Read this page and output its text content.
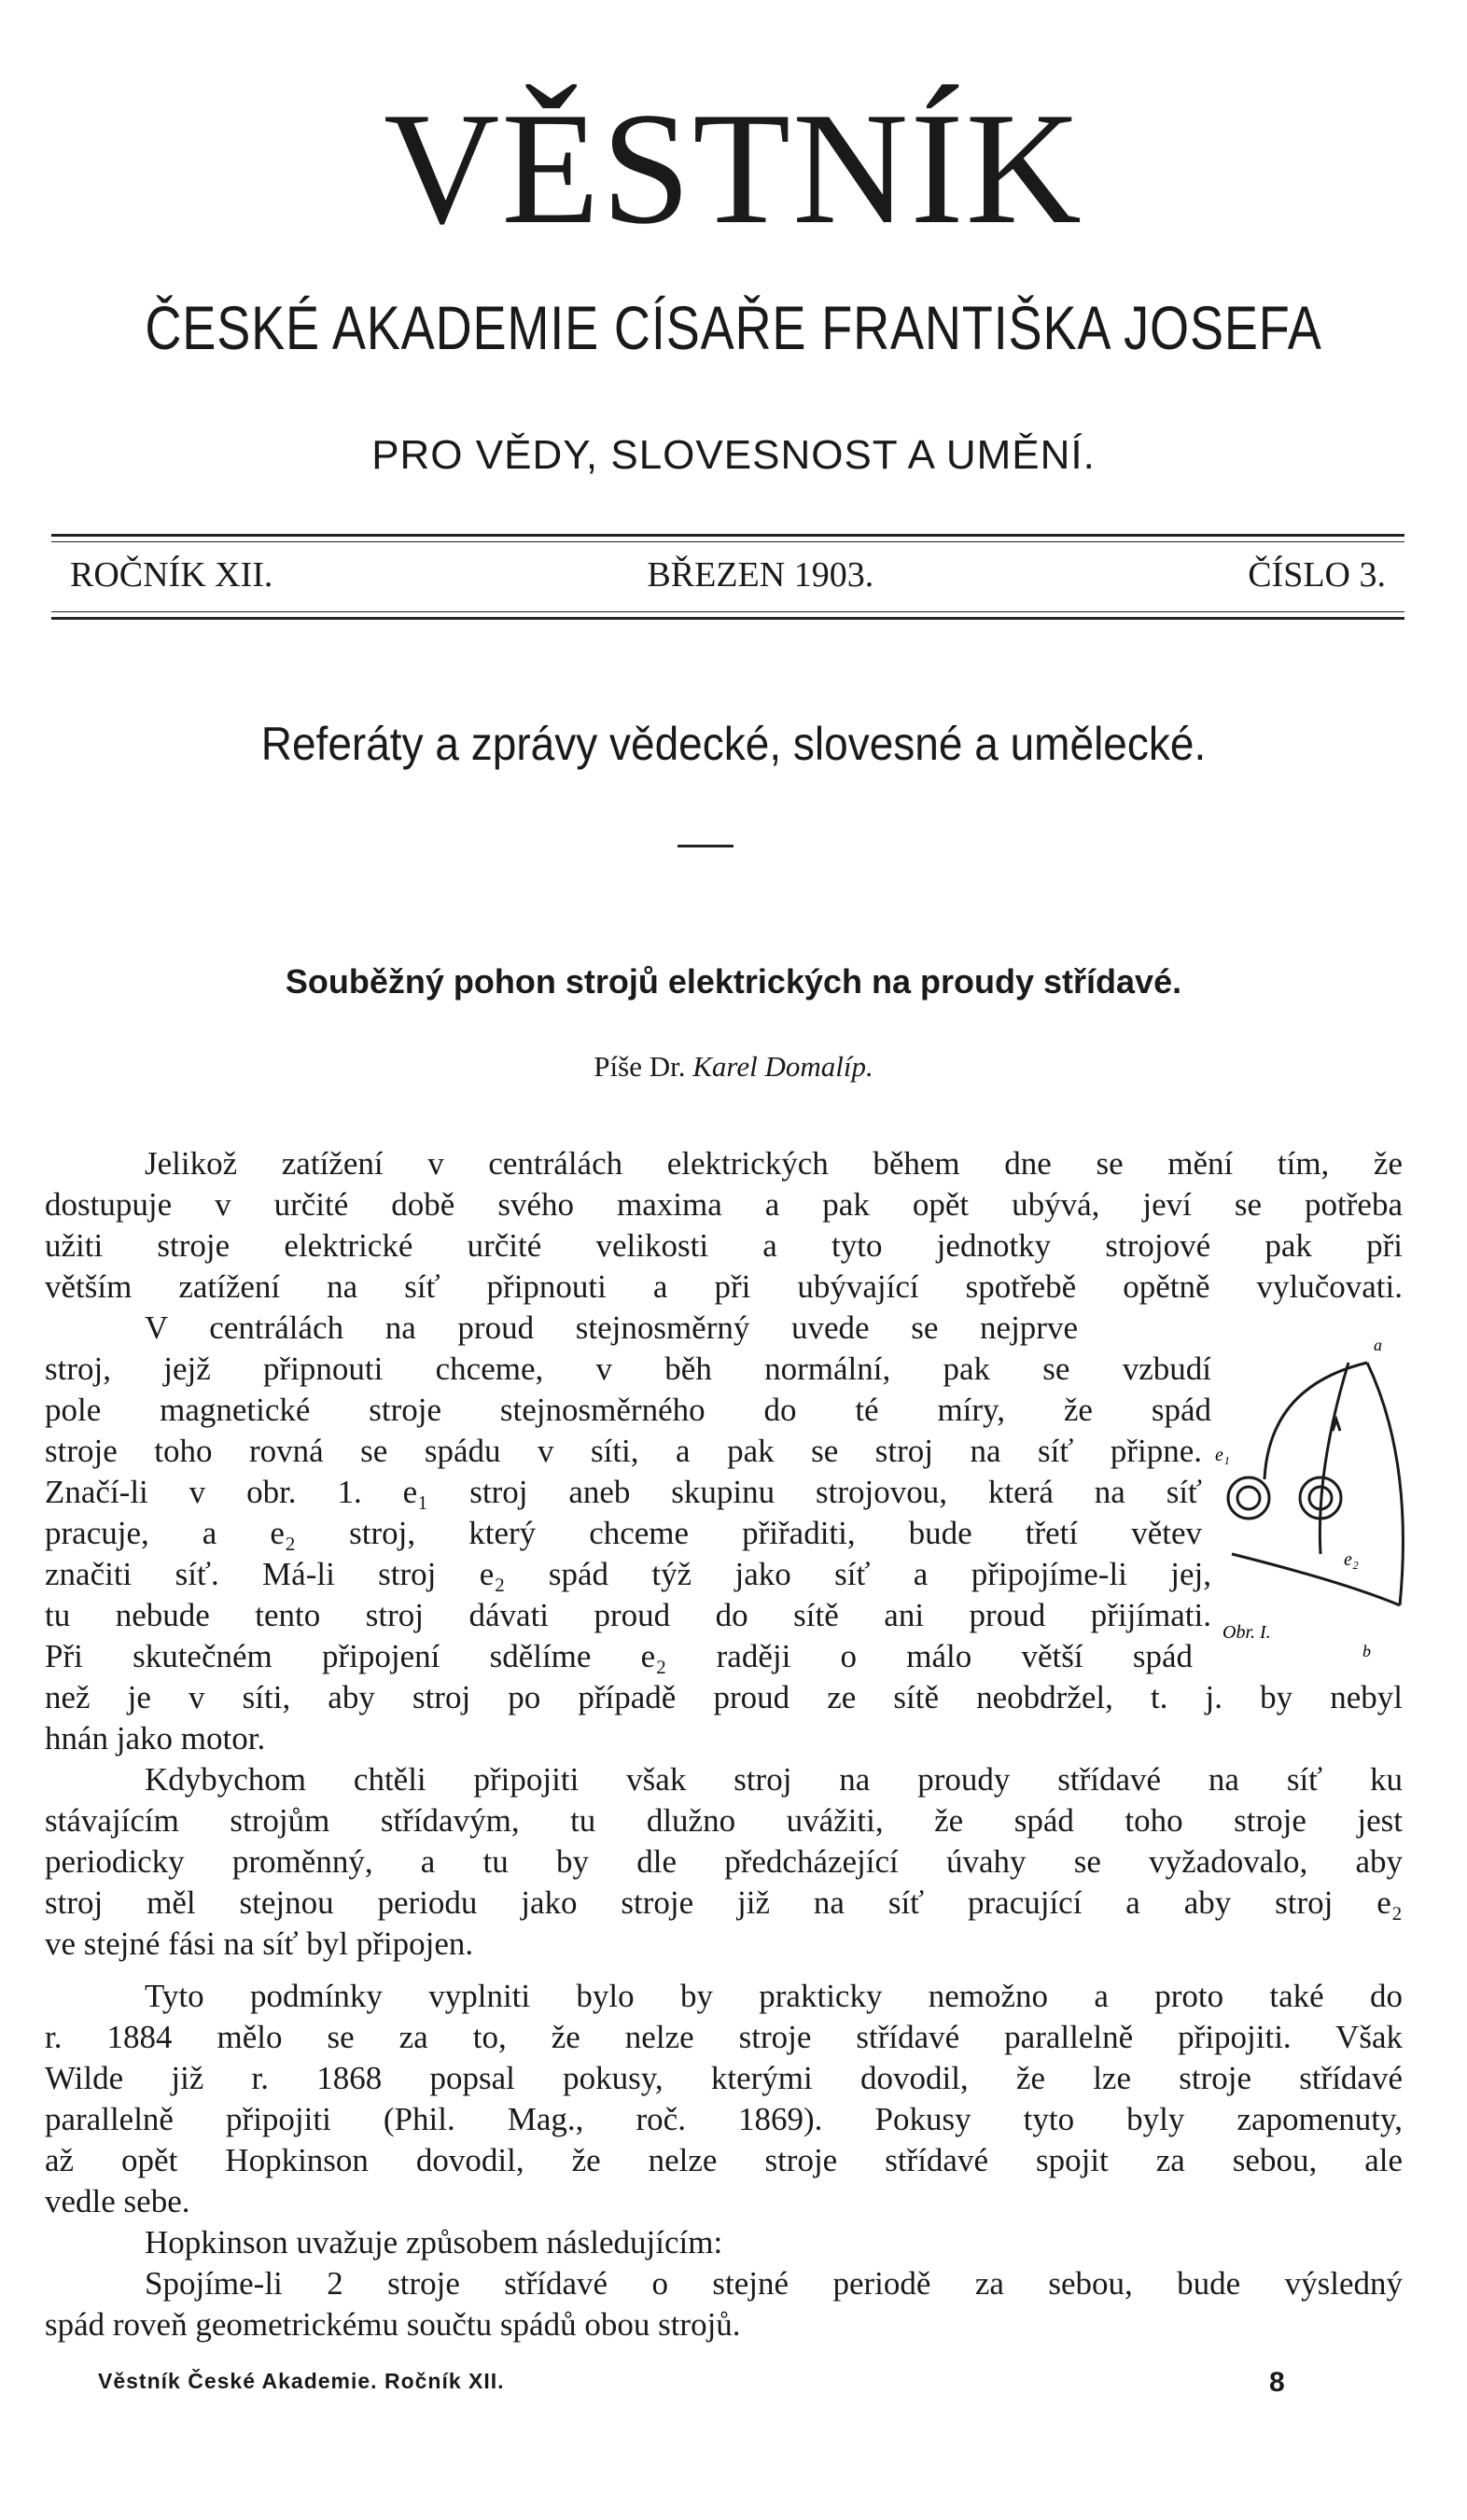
VĚSTNÍK
ČESKÉ AKADEMIE CÍSAŘE FRANTIŠKA JOSEFA
PRO VĚDY, SLOVESNOST A UMĚNÍ.
ROČNÍK XII.	BŘEZEN 1903.	ČÍSLO 3.
Referáty a zprávy vědecké, slovesné a umělecké.
Souběžný pohon strojů elektrických na proudy střídavé.
Píše Dr. Karel Domalíp.
Jelikož zatížení v centrálách elektrických během dne se mění tím, že
dostupuje v určité době svého maxima a pak opět ubývá, jeví se potřeba
užiti stroje elektrické určité velikosti a tyto jednotky strojové pak při
větším zatížení na síť připnouti a při ubývající spotřebě opětně vylučovati.
V centrálách na proud stejnosměrný uvede se nejprve
stroj, jejž připnouti chceme, v běh normální, pak se vzbudí
pole magnetické stroje stejnosměrného do té míry, že spád
stroje toho rovná se spádu v síti, a pak se stroj na síť připne.
Značí-li v obr. 1. e₁ stroj aneb skupinu strojovou, která na síť
pracuje, a e₂ stroj, který chceme přiřaditi, bude třetí větev
značiti síť. Má-li stroj e₂ spád týž jako síť a připojíme-li jej,
tu nebude tento stroj dávati proud do sítě ani proud přijímati.
Při skutečném připojení sdělíme e₂ raději o málo větší spád
než je v síti, aby stroj po případě proud ze sítě neobdržel, t. j. by nebyl
hnán jako motor.
Kdybychom chtěli připojiti však stroj na proudy střídavé na síť ku
stávajícím strojům střídavým, tu dlužno uvážiti, že spád toho stroje jest
periodicky proměnný, a tu by dle předcházející úvahy se vyžadovalo, aby
stroj měl stejnou periodu jako stroje již na síť pracující a aby stroj e₂
ve stejné fási na síť byl připojen.
Tyto podmínky vyplniti bylo by prakticky nemožno a proto také do
r. 1884 mělo se za to, že nelze stroje střídavé parallelně připojiti. Však
Wilde již r. 1868 popsal pokusy, kterými dovodil, že lze stroje střídavé
parallelně připojiti (Phil. Mag., roč. 1869). Pokusy tyto byly zapomenuty,
až opět Hopkinson dovodil, že nelze stroje střídavé spojit za sebou, ale
vedle sebe.
Hopkinson uvažuje způsobem následujícím:
Spojíme-li 2 stroje střídavé o stejné periodě za sebou, bude výsledný
spád roveň geometrickému součtu spádů obou strojů.
a
e₁
e₂
Obr. I.
b
Věstník České Akademie. Ročník XII.	8
